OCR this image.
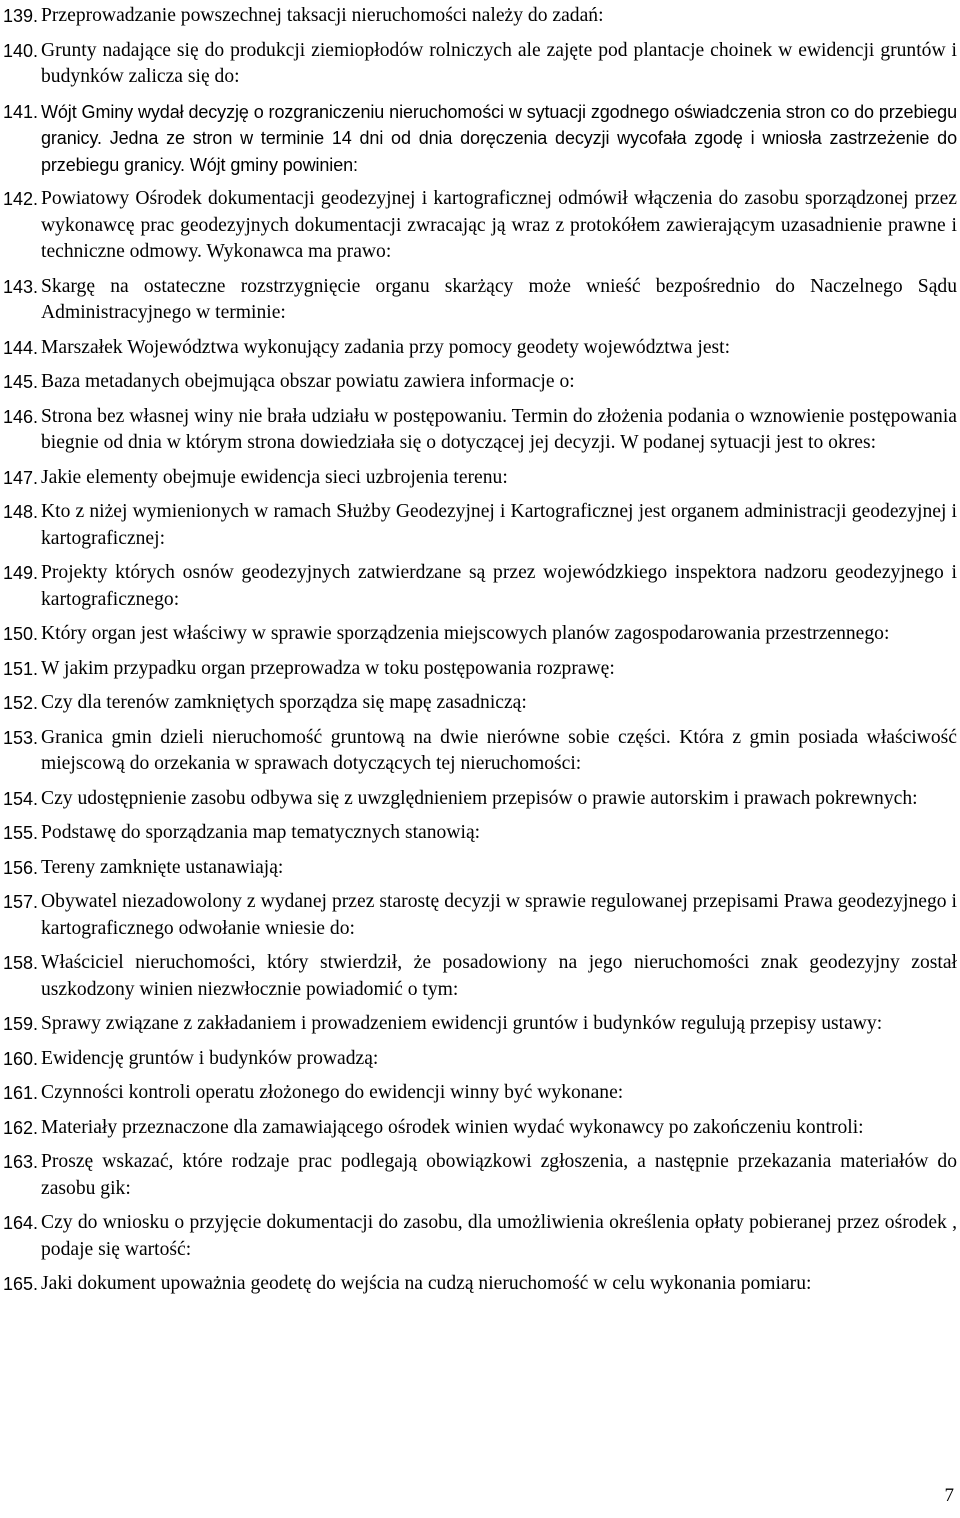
139. Przeprowadzanie powszechnej taksacji nieruchomości należy do zadań:
140. Grunty nadające się do produkcji ziemiopłodów rolniczych ale zajęte pod plantacje choinek w ewidencji gruntów i budynków zalicza się do:
141. Wójt Gminy wydał decyzję o rozgraniczeniu nieruchomości w sytuacji zgodnego oświadczenia stron co do przebiegu granicy. Jedna ze stron w terminie 14 dni od dnia doręczenia decyzji wycofała zgodę i wniosła zastrzeżenie do przebiegu granicy. Wójt gminy powinien:
142. Powiatowy Ośrodek dokumentacji geodezyjnej i kartograficznej odmówił włączenia do zasobu sporządzonej przez wykonawcę prac geodezyjnych dokumentacji zwracając ją wraz z protokółem zawierającym uzasadnienie prawne i techniczne odmowy. Wykonawca ma prawo:
143. Skargę na ostateczne rozstrzygnięcie organu skarżący może wnieść bezpośrednio do Naczelnego Sądu Administracyjnego w terminie:
144. Marszałek Województwa wykonujący zadania przy pomocy geodety województwa jest:
145. Baza metadanych obejmująca obszar powiatu zawiera informacje o:
146. Strona bez własnej winy nie brała udziału w postępowaniu. Termin do złożenia podania o wznowienie postępowania biegnie od dnia w którym strona dowiedziała się o dotyczącej jej decyzji. W podanej sytuacji jest to okres:
147. Jakie elementy obejmuje ewidencja sieci uzbrojenia terenu:
148. Kto z niżej wymienionych w ramach Służby Geodezyjnej i Kartograficznej jest organem administracji geodezyjnej i kartograficznej:
149. Projekty których osnów geodezyjnych zatwierdzane są przez wojewódzkiego inspektora nadzoru geodezyjnego i kartograficznego:
150. Który organ jest właściwy w sprawie sporządzenia miejscowych planów zagospodarowania przestrzennego:
151. W jakim przypadku organ przeprowadza w toku postępowania rozprawę:
152. Czy dla terenów zamkniętych sporządza się mapę zasadniczą:
153. Granica gmin dzieli nieruchomość gruntową na dwie nierówne sobie części. Która z gmin posiada właściwość miejscową do orzekania w sprawach dotyczących tej nieruchomości:
154. Czy udostępnienie zasobu odbywa się z uwzględnieniem przepisów o prawie autorskim i prawach pokrewnych:
155. Podstawę do sporządzania map tematycznych stanowią:
156. Tereny zamknięte ustanawiają:
157. Obywatel niezadowolony z wydanej przez starostę decyzji w sprawie regulowanej przepisami Prawa geodezyjnego i kartograficznego odwołanie wniesie do:
158. Właściciel nieruchomości, który stwierdził, że posadowiony na jego nieruchomości znak geodezyjny został uszkodzony winien niezwłocznie powiadomić o tym:
159. Sprawy związane z zakładaniem i prowadzeniem ewidencji gruntów i budynków regulują przepisy ustawy:
160. Ewidencję gruntów i budynków prowadzą:
161. Czynności kontroli operatu złożonego do ewidencji winny być wykonane:
162. Materiały przeznaczone dla zamawiającego ośrodek winien wydać wykonawcy po zakończeniu kontroli:
163. Proszę wskazać, które rodzaje prac podlegają obowiązkowi zgłoszenia, a następnie przekazania materiałów do zasobu gik:
164. Czy do wniosku o przyjęcie dokumentacji do zasobu, dla umożliwienia określenia opłaty pobieranej przez ośrodek , podaje się wartość:
165. Jaki dokument upoważnia geodetę do wejścia na cudzą nieruchomość w celu wykonania pomiaru:
7
